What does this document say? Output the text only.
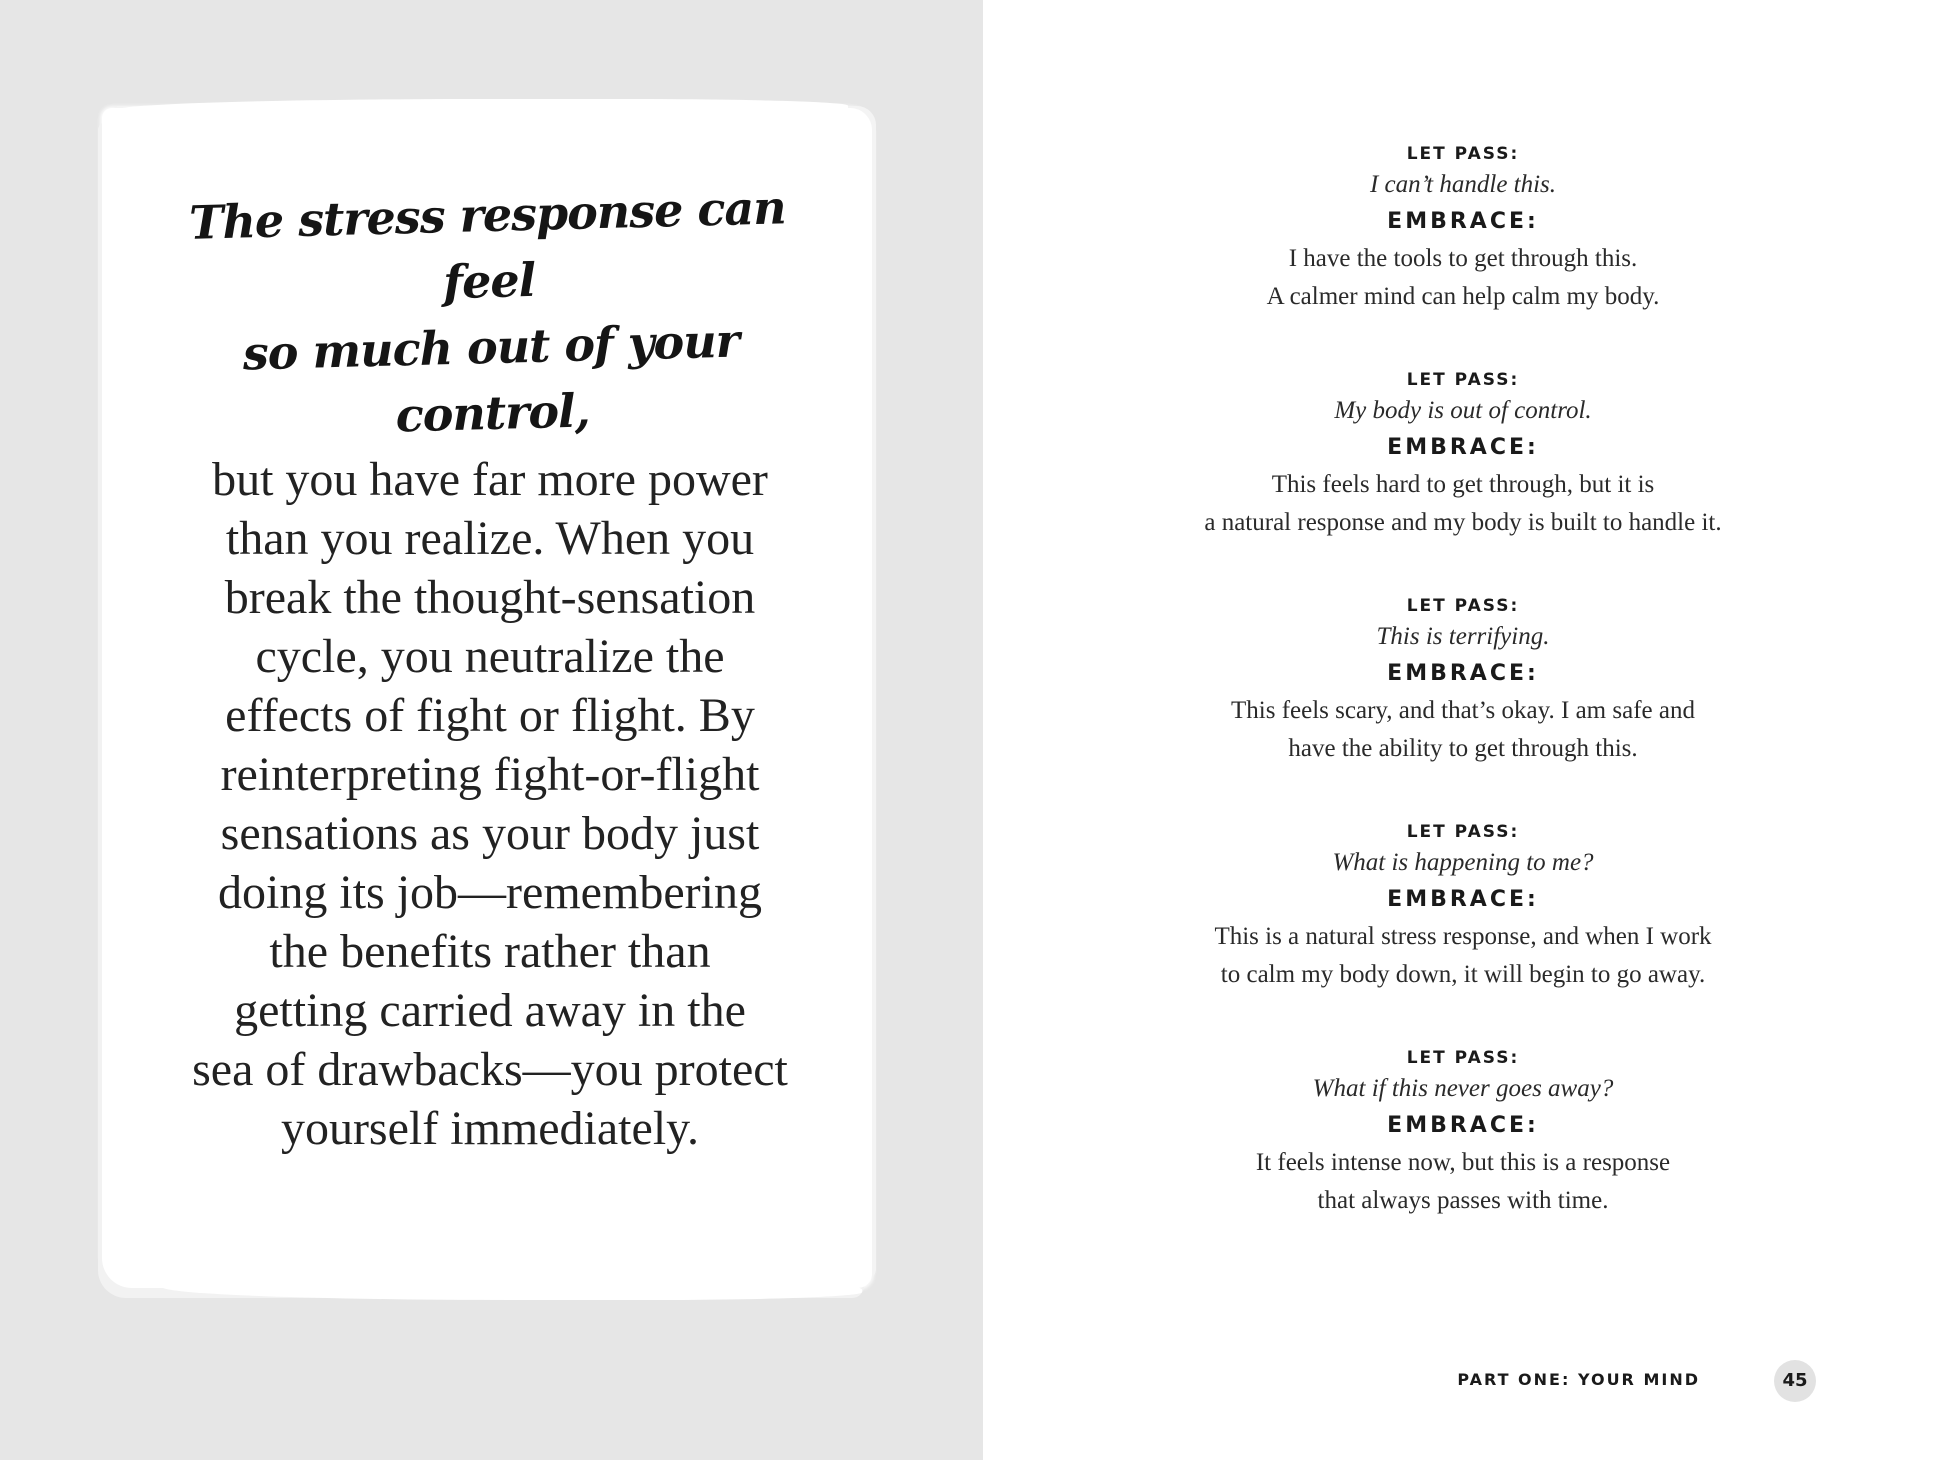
The stress response can feel
so much out of your control,
but you have far more power
than you realize. When you
break the thought-sensation
cycle, you neutralize the
effects of fight or flight. By
reinterpreting fight-or-flight
sensations as your body just
doing its job—remembering
the benefits rather than
getting carried away in the
sea of drawbacks—you protect
yourself immediately.
LET PASS:
I can’t handle this.
EMBRACE:
I have the tools to get through this.
A calmer mind can help calm my body.
LET PASS:
My body is out of control.
EMBRACE:
This feels hard to get through, but it is
a natural response and my body is built to handle it.
LET PASS:
This is terrifying.
EMBRACE:
This feels scary, and that’s okay. I am safe and
have the ability to get through this.
LET PASS:
What is happening to me?
EMBRACE:
This is a natural stress response, and when I work
to calm my body down, it will begin to go away.
LET PASS:
What if this never goes away?
EMBRACE:
It feels intense now, but this is a response
that always passes with time.
PART ONE: YOUR MIND	45
